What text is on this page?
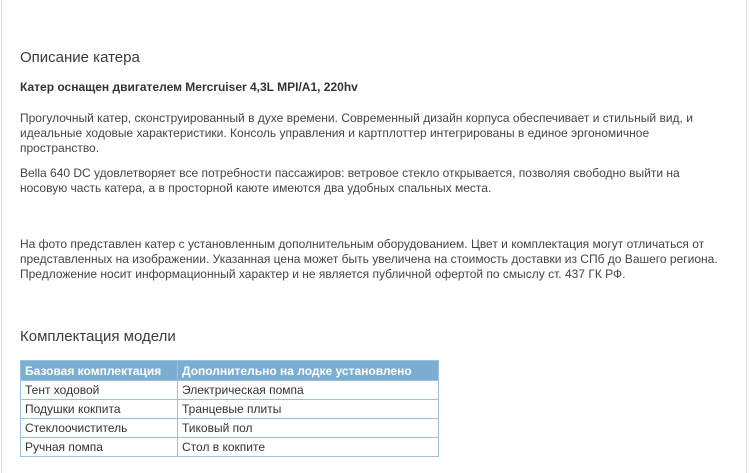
Описание катера
Катер оснащен двигателем Mercruiser 4,3L MPI/A1, 220hv

Прогулочный катер, сконструированный в духе времени. Современный дизайн корпуса обеспечивает и стильный вид, и идеальные ходовые характеристики. Консоль управления и картплоттер интегрированы в единое эргономичное пространство.

Bella 640 DC удовлетворяет все потребности пассажиров: ветровое стекло открывается, позволяя свободно выйти на носовую часть катера, а в просторной каюте имеются два удобных спальных места.

На фото представлен катер с установленным дополнительным оборудованием. Цвет и комплектация могут отличаться от представленных на изображении. Указанная цена может быть увеличена на стоимость доставки из СПб до Вашего региона. Предложение носит информационный характер и не является публичной офертой по смыслу ст. 437 ГК РФ.

Комплектация модели
Базовая комплектация	Дополнительно на лодке установлено
Тент ходовой	Электрическая помпа
Подушки кокпита	Транцевые плиты
Стеклоочиститель	Тиковый пол
Ручная помпа	Стол в кокпите
